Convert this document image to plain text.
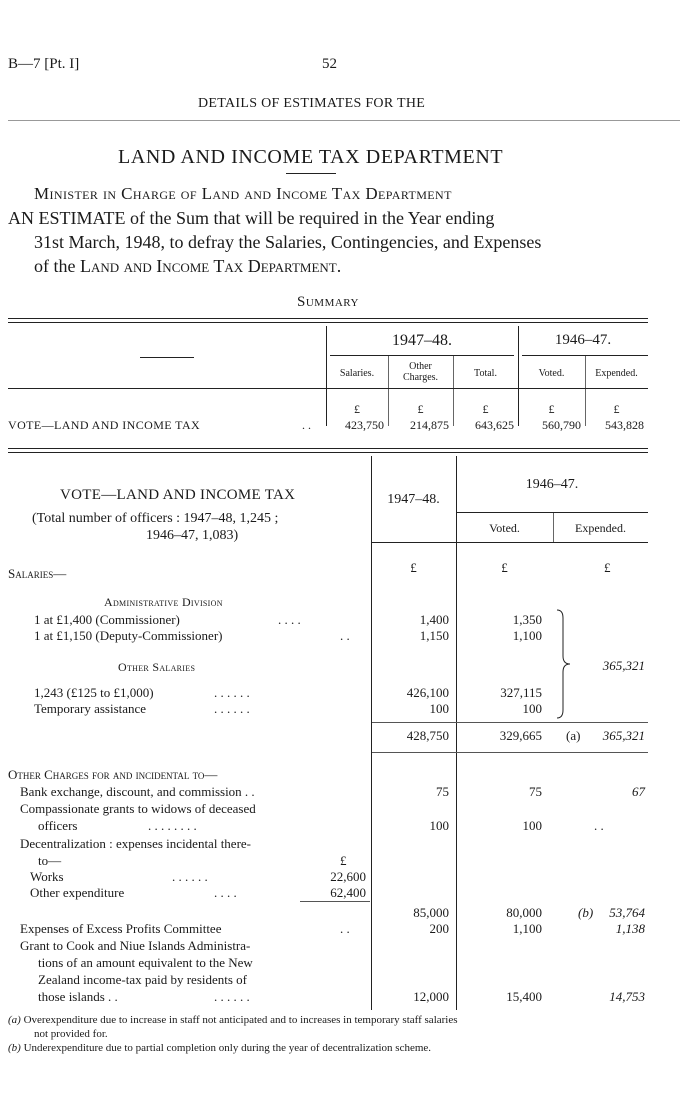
B—7 [Pt. I]	52
DETAILS OF ESTIMATES FOR THE
LAND AND INCOME TAX DEPARTMENT
Minister in Charge of Land and Income Tax Department
AN ESTIMATE of the Sum that will be required in the Year ending
31st March, 1948, to defray the Salaries, Contingencies, and Expenses
of the Land and Income Tax Department.
Summary
1947–48.	1946–47.
Salaries.
Other
Charges.	Total.	Voted.	Expended.
£	£	£	£	£
VOTE—LAND AND INCOME TAX	. .	423,750	214,875	643,625	560,790	543,828
VOTE—LAND AND INCOME TAX
(Total number of officers : 1947–48, 1,245 ;
1946–47, 1,083)
1947–48.
1946–47.
Voted.	Expended.
£	£	£
Salaries—
Administrative Division
1 at £1,400 (Commissioner)	. . . .	1,400	1,350
1 at £1,150 (Deputy-Commissioner)	. .	1,150	1,100
Other Salaries
1,243 (£125 to £1,000)	. . . . . .	426,100	327,115
Temporary assistance	. . . . . .	100	100
365,321
428,750	329,665 (a)	365,321
Other Charges for and incidental to—
Bank exchange, discount, and commission . .	75	75	67
Compassionate grants to widows of deceased
officers	. . . . . . . .	100	100	. .
Decentralization : expenses incidental there-
to—	£
Works	. . . . . .	22,600
Other expenditure	. . . .	62,400
85,000	80,000	(b)	53,764
Expenses of Excess Profits Committee	. .	200	1,100	1,138
Grant to Cook and Niue Islands Administra-
tions of an amount equivalent to the New
Zealand income-tax paid by residents of
those islands . .	. . . . . .	12,000	15,400	14,753
(a) Overexpenditure due to increase in staff not anticipated and to increases in temporary staff salaries
not provided for.
(b) Underexpenditure due to partial completion only during the year of decentralization scheme.
